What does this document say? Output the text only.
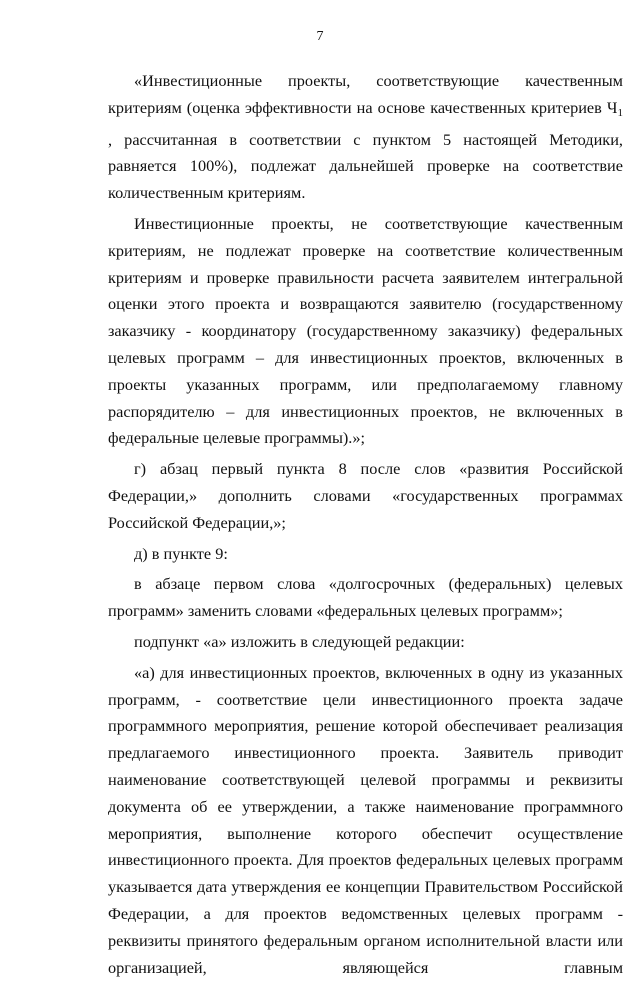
7

«Инвестиционные проекты, соответствующие качественным критериям (оценка эффективности на основе качественных критериев $Ч_1$ , рассчитанная в соответствии с пунктом 5 настоящей Методики, равняется 100%), подлежат дальнейшей проверке на соответствие количественным критериям.

Инвестиционные проекты, не соответствующие качественным критериям, не подлежат проверке на соответствие количественным критериям и проверке правильности расчета заявителем интегральной оценки этого проекта и возвращаются заявителю (государственному заказчику - координатору (государственному заказчику) федеральных целевых программ – для инвестиционных проектов, включенных в проекты указанных программ, или предполагаемому главному распорядителю – для инвестиционных проектов, не включенных в федеральные целевые программы).»;

г) абзац первый пункта 8 после слов «развития Российской Федерации,» дополнить словами «государственных программах Российской Федерации,»;

д) в пункте 9:

в абзаце первом слова «долгосрочных (федеральных) целевых программ» заменить словами «федеральных целевых программ»;

подпункт «а» изложить в следующей редакции:

«а) для инвестиционных проектов, включенных в одну из указанных программ, - соответствие цели инвестиционного проекта задаче программного мероприятия, решение которой обеспечивает реализация предлагаемого инвестиционного проекта. Заявитель приводит наименование соответствующей целевой программы и реквизиты документа об ее утверждении, а также наименование программного мероприятия, выполнение которого обеспечит осуществление инвестиционного проекта. Для проектов федеральных целевых программ указывается дата утверждения ее концепции Правительством Российской Федерации, а для проектов ведомственных целевых программ - реквизиты принятого федеральным органом исполнительной власти или организацией, являющейся главным
